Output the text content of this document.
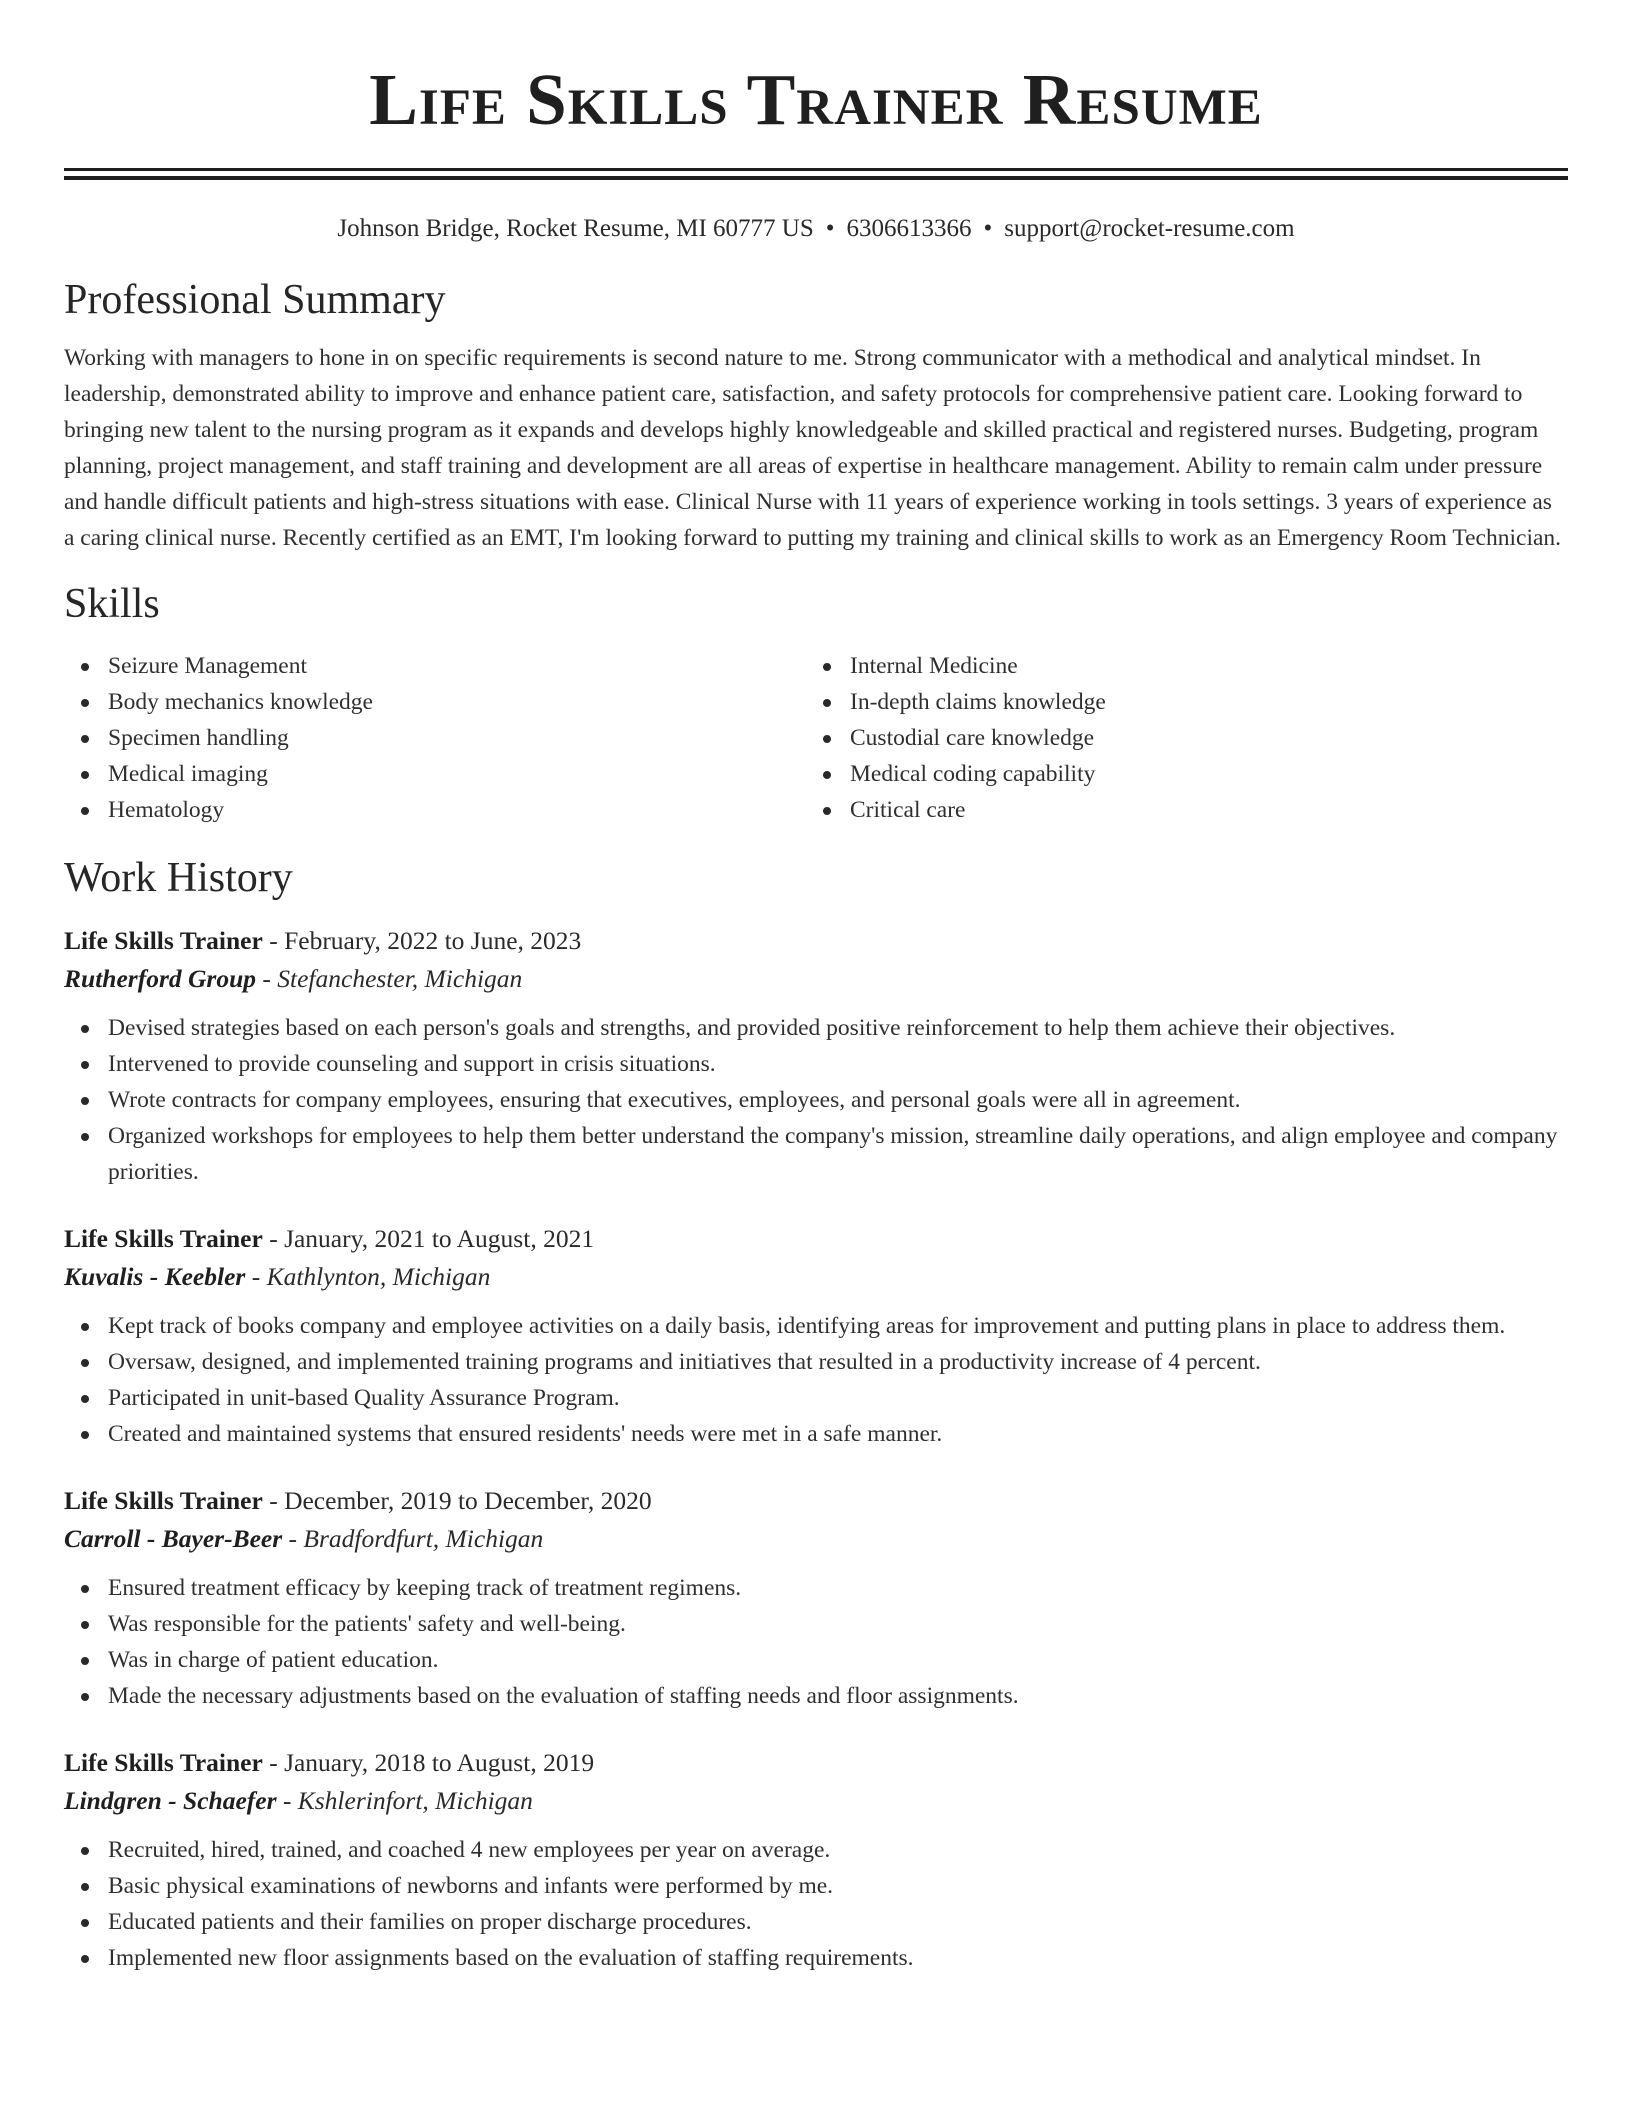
Life Skills Trainer Resume
Johnson Bridge, Rocket Resume, MI 60777 US • 6306613366 • support@rocket-resume.com
Professional Summary
Working with managers to hone in on specific requirements is second nature to me. Strong communicator with a methodical and analytical mindset. In leadership, demonstrated ability to improve and enhance patient care, satisfaction, and safety protocols for comprehensive patient care. Looking forward to bringing new talent to the nursing program as it expands and develops highly knowledgeable and skilled practical and registered nurses. Budgeting, program planning, project management, and staff training and development are all areas of expertise in healthcare management. Ability to remain calm under pressure and handle difficult patients and high-stress situations with ease. Clinical Nurse with 11 years of experience working in tools settings. 3 years of experience as a caring clinical nurse. Recently certified as an EMT, I'm looking forward to putting my training and clinical skills to work as an Emergency Room Technician.
Skills
Seizure Management
Body mechanics knowledge
Specimen handling
Medical imaging
Hematology
Internal Medicine
In-depth claims knowledge
Custodial care knowledge
Medical coding capability
Critical care
Work History
Life Skills Trainer - February, 2022 to June, 2023
Rutherford Group - Stefanchester, Michigan
Devised strategies based on each person's goals and strengths, and provided positive reinforcement to help them achieve their objectives.
Intervened to provide counseling and support in crisis situations.
Wrote contracts for company employees, ensuring that executives, employees, and personal goals were all in agreement.
Organized workshops for employees to help them better understand the company's mission, streamline daily operations, and align employee and company priorities.
Life Skills Trainer - January, 2021 to August, 2021
Kuvalis - Keebler - Kathlynton, Michigan
Kept track of books company and employee activities on a daily basis, identifying areas for improvement and putting plans in place to address them.
Oversaw, designed, and implemented training programs and initiatives that resulted in a productivity increase of 4 percent.
Participated in unit-based Quality Assurance Program.
Created and maintained systems that ensured residents' needs were met in a safe manner.
Life Skills Trainer - December, 2019 to December, 2020
Carroll - Bayer-Beer - Bradfordfurt, Michigan
Ensured treatment efficacy by keeping track of treatment regimens.
Was responsible for the patients' safety and well-being.
Was in charge of patient education.
Made the necessary adjustments based on the evaluation of staffing needs and floor assignments.
Life Skills Trainer - January, 2018 to August, 2019
Lindgren - Schaefer - Kshlerinfort, Michigan
Recruited, hired, trained, and coached 4 new employees per year on average.
Basic physical examinations of newborns and infants were performed by me.
Educated patients and their families on proper discharge procedures.
Implemented new floor assignments based on the evaluation of staffing requirements.
